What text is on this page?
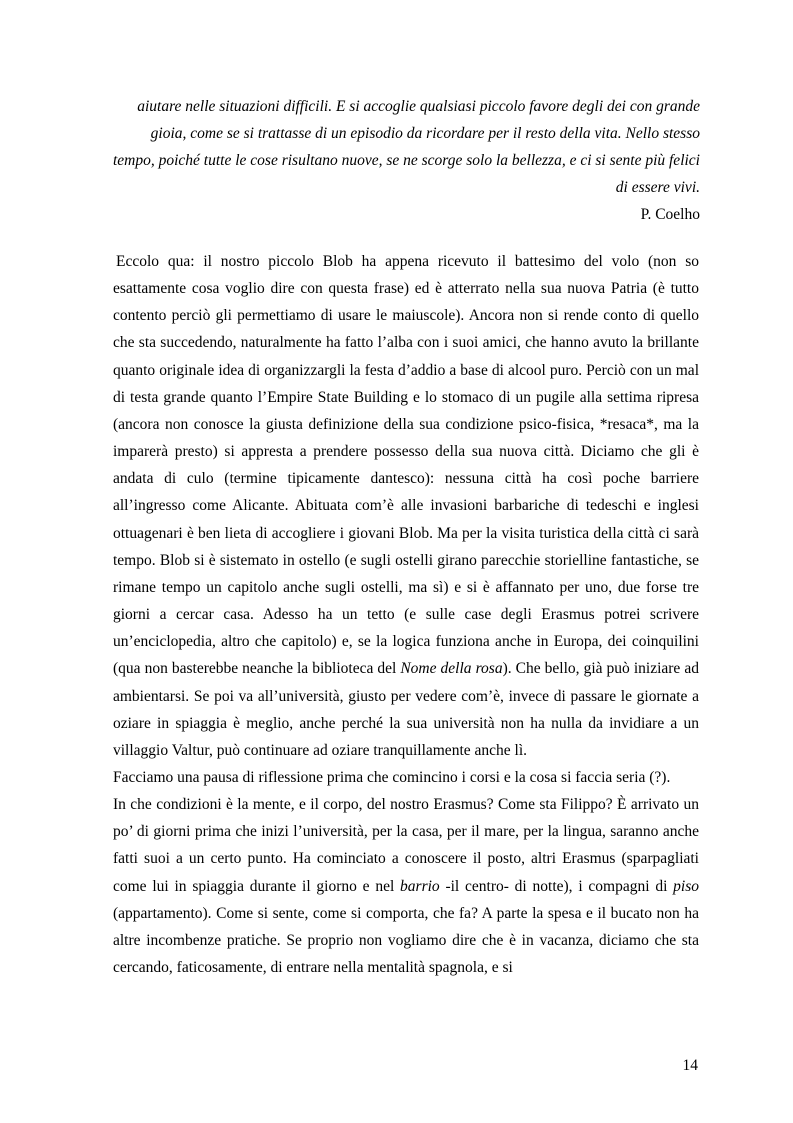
aiutare nelle situazioni difficili. E si accoglie qualsiasi piccolo favore degli dei con grande gioia, come se si trattasse di un episodio da ricordare per il resto della vita. Nello stesso tempo, poiché tutte le cose risultano nuove, se ne scorge solo la bellezza, e ci si sente più felici di essere vivi.
P. Coelho

Eccolo qua: il nostro piccolo Blob ha appena ricevuto il battesimo del volo (non so esattamente cosa voglio dire con questa frase) ed è atterrato nella sua nuova Patria (è tutto contento perciò gli permettiamo di usare le maiuscole). Ancora non si rende conto di quello che sta succedendo, naturalmente ha fatto l’alba con i suoi amici, che hanno avuto la brillante quanto originale idea di organizzargli la festa d’addio a base di alcool puro. Perciò con un mal di testa grande quanto l’Empire State Building e lo stomaco di un pugile alla settima ripresa (ancora non conosce la giusta definizione della sua condizione psico-fisica, *resaca*, ma la imparerà presto) si appresta a prendere possesso della sua nuova città. Diciamo che gli è andata di culo (termine tipicamente dantesco): nessuna città ha così poche barriere all’ingresso come Alicante. Abituata com’è alle invasioni barbariche di tedeschi e inglesi ottuagenari è ben lieta di accogliere i giovani Blob. Ma per la visita turistica della città ci sarà tempo. Blob si è sistemato in ostello (e sugli ostelli girano parecchie storielline fantastiche, se rimane tempo un capitolo anche sugli ostelli, ma sì) e si è affannato per uno, due forse tre giorni a cercar casa. Adesso ha un tetto (e sulle case degli Erasmus potrei scrivere un’enciclopedia, altro che capitolo) e, se la logica funziona anche in Europa, dei coinquilini (qua non basterebbe neanche la biblioteca del Nome della rosa). Che bello, già può iniziare ad ambientarsi. Se poi va all’università, giusto per vedere com’è, invece di passare le giornate a oziare in spiaggia è meglio, anche perché la sua università non ha nulla da invidiare a un villaggio Valtur, può continuare ad oziare tranquillamente anche lì.

Facciamo una pausa di riflessione prima che comincino i corsi e la cosa si faccia seria (?).

In che condizioni è la mente, e il corpo, del nostro Erasmus? Come sta Filippo? È arrivato un po’ di giorni prima che inizi l’università, per la casa, per il mare, per la lingua, saranno anche fatti suoi a un certo punto. Ha cominciato a conoscere il posto, altri Erasmus (sparpagliati come lui in spiaggia durante il giorno e nel barrio -il centro- di notte), i compagni di piso (appartamento). Come si sente, come si comporta, che fa? A parte la spesa e il bucato non ha altre incombenze pratiche. Se proprio non vogliamo dire che è in vacanza, diciamo che sta cercando, faticosamente, di entrare nella mentalità spagnola, e si

14
